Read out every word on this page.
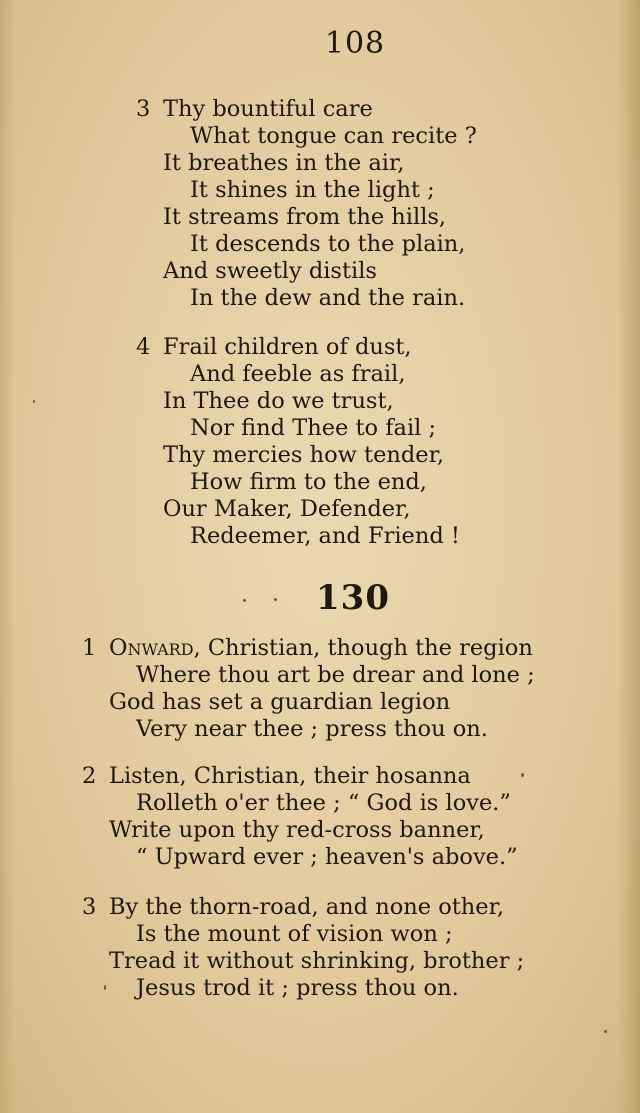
108
3 Thy bountiful care
What tongue can recite ?
It breathes in the air,
It shines in the light ;
It streams from the hills,
It descends to the plain,
And sweetly distils
In the dew and the rain.
4 Frail children of dust,
And feeble as frail,
In Thee do we trust,
Nor find Thee to fail ;
Thy mercies how tender,
How firm to the end,
Our Maker, Defender,
Redeemer, and Friend !
130
1 Onward, Christian, though the region
Where thou art be drear and lone ;
God has set a guardian legion
Very near thee ; press thou on.
2 Listen, Christian, their hosanna
Rolleth o'er thee ; “ God is love.”
Write upon thy red-cross banner,
“ Upward ever ; heaven's above.”
3 By the thorn-road, and none other,
Is the mount of vision won ;
Tread it without shrinking, brother ;
Jesus trod it ; press thou on.
